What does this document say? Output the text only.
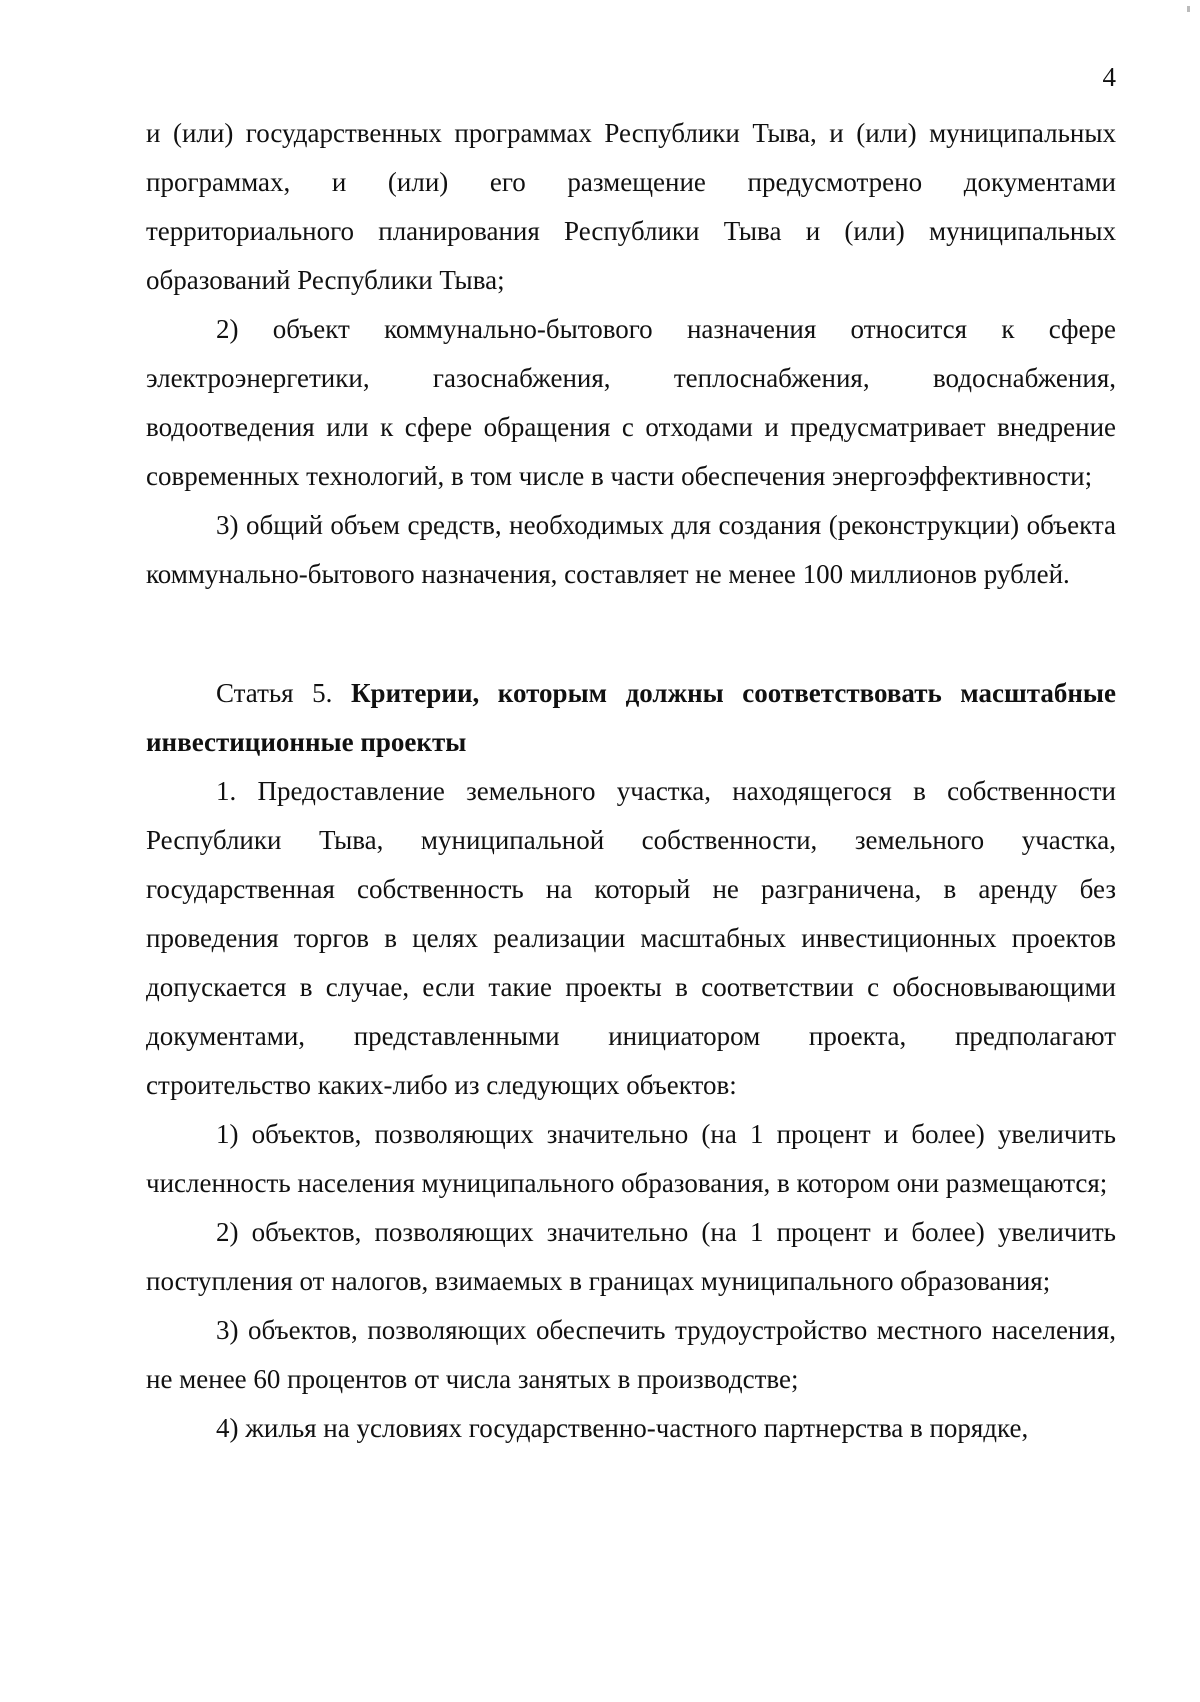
4

и (или) государственных программах Республики Тыва, и (или) муниципальных программах, и (или) его размещение предусмотрено документами территориального планирования Республики Тыва и (или) муниципальных образований Республики Тыва;

2) объект коммунально-бытового назначения относится к сфере электроэнергетики, газоснабжения, теплоснабжения, водоснабжения, водоотведения или к сфере обращения с отходами и предусматривает внедрение современных технологий, в том числе в части обеспечения энергоэффективности;

3) общий объем средств, необходимых для создания (реконструкции) объекта коммунально-бытового назначения, составляет не менее 100 миллионов рублей.

Статья 5. Критерии, которым должны соответствовать масштабные инвестиционные проекты

1. Предоставление земельного участка, находящегося в собственности Республики Тыва, муниципальной собственности, земельного участка, государственная собственность на который не разграничена, в аренду без проведения торгов в целях реализации масштабных инвестиционных проектов допускается в случае, если такие проекты в соответствии с обосновывающими документами, представленными инициатором проекта, предполагают строительство каких-либо из следующих объектов:

1) объектов, позволяющих значительно (на 1 процент и более) увеличить численность населения муниципального образования, в котором они размещаются;

2) объектов, позволяющих значительно (на 1 процент и более) увеличить поступления от налогов, взимаемых в границах муниципального образования;

3) объектов, позволяющих обеспечить трудоустройство местного населения, не менее 60 процентов от числа занятых в производстве;

4) жилья на условиях государственно-частного партнерства в порядке,
